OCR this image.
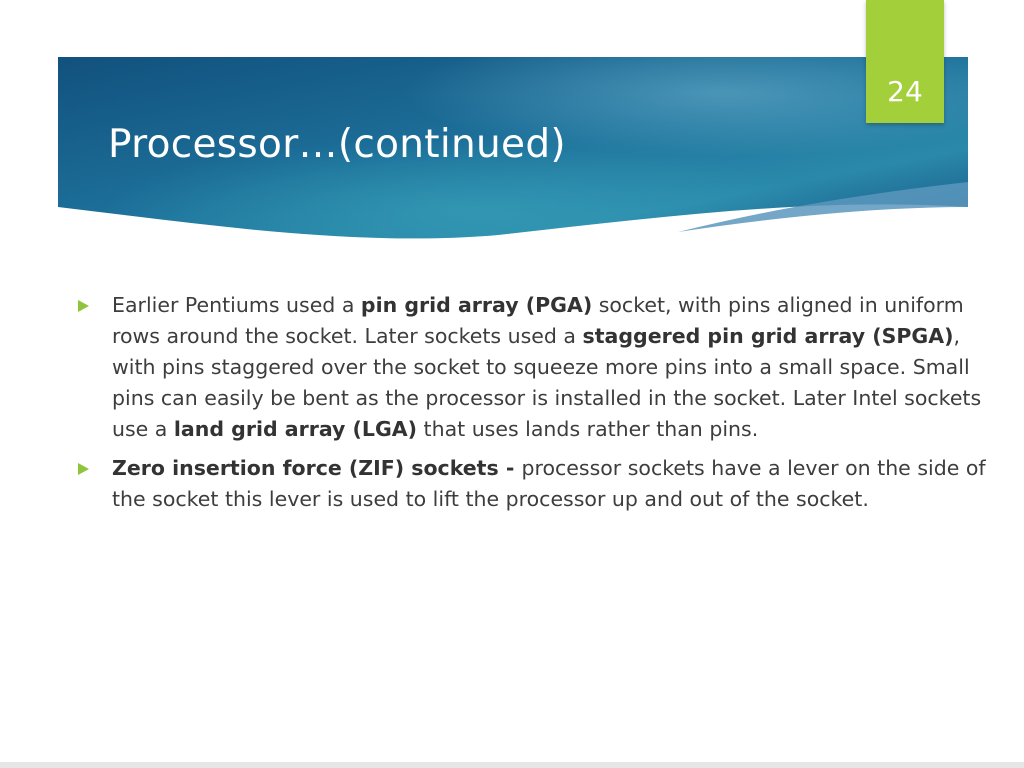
Processor…(continued)
24

Earlier Pentiums used a pin grid array (PGA) socket, with pins aligned in uniform rows around the socket. Later sockets used a staggered pin grid array (SPGA), with pins staggered over the socket to squeeze more pins into a small space. Small pins can easily be bent as the processor is installed in the socket. Later Intel sockets use a land grid array (LGA) that uses lands rather than pins.

Zero insertion force (ZIF) sockets - processor sockets have a lever on the side of the socket this lever is used to lift the processor up and out of the socket.
